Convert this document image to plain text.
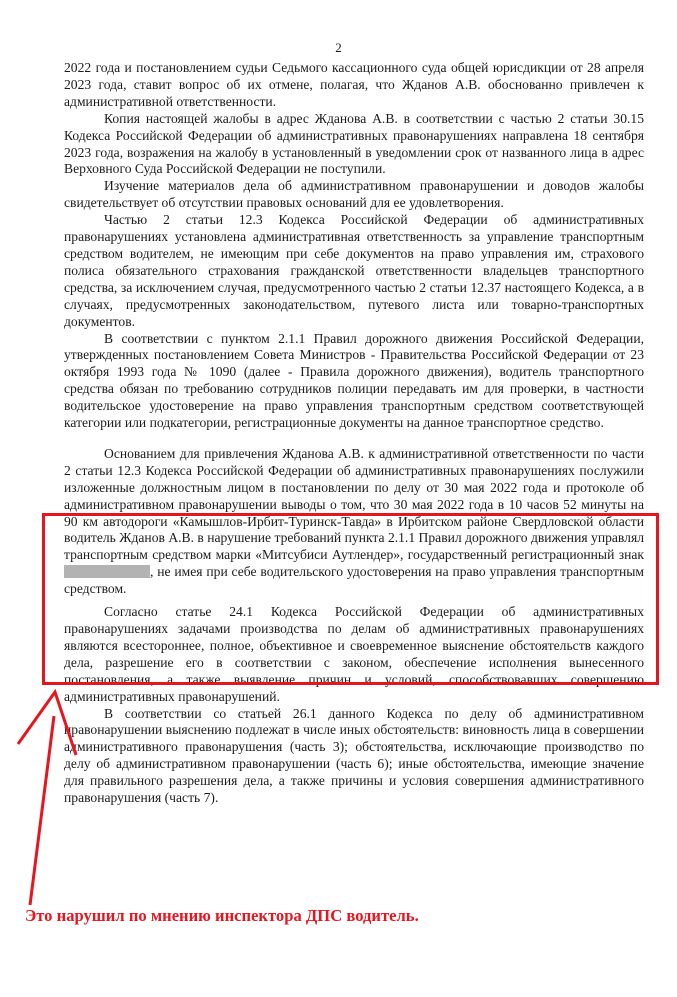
2

2022 года и постановлением судьи Седьмого кассационного суда общей юрисдикции от 28 апреля 2023 года, ставит вопрос об их отмене, полагая, что Жданов А.В. обоснованно привлечен к административной ответственности.

Копия настоящей жалобы в адрес Жданова А.В. в соответствии с частью 2 статьи 30.15 Кодекса Российской Федерации об административных правонарушениях направлена 18 сентября 2023 года, возражения на жалобу в установленный в уведомлении срок от названного лица в адрес Верховного Суда Российской Федерации не поступили.

Изучение материалов дела об административном правонарушении и доводов жалобы свидетельствует об отсутствии правовых оснований для ее удовлетворения.

Частью 2 статьи 12.3 Кодекса Российской Федерации об административных правонарушениях установлена административная ответственность за управление транспортным средством водителем, не имеющим при себе документов на право управления им, страхового полиса обязательного страхования гражданской ответственности владельцев транспортного средства, за исключением случая, предусмотренного частью 2 статьи 12.37 настоящего Кодекса, а в случаях, предусмотренных законодательством, путевого листа или товарно-транспортных документов.

В соответствии с пунктом 2.1.1 Правил дорожного движения Российской Федерации, утвержденных постановлением Совета Министров - Правительства Российской Федерации от 23 октября 1993 года № 1090 (далее - Правила дорожного движения), водитель транспортного средства обязан по требованию сотрудников полиции передавать им для проверки, в частности водительское удостоверение на право управления транспортным средством соответствующей категории или подкатегории, регистрационные документы на данное транспортное средство.

Основанием для привлечения Жданова А.В. к административной ответственности по части 2 статьи 12.3 Кодекса Российской Федерации об административных правонарушениях послужили изложенные должностным лицом в постановлении по делу от 30 мая 2022 года и протоколе об административном правонарушении выводы о том, что 30 мая 2022 года в 10 часов 52 минуты на 90 км автодороги «Камышлов-Ирбит-Туринск-Тавда» в Ирбитском районе Свердловской области водитель Жданов А.В. в нарушение требований пункта 2.1.1 Правил дорожного движения управлял транспортным средством марки «Митсубиси Аутлендер», государственный регистрационный знак , не имея при себе водительского удостоверения на право управления транспортным средством.

Согласно статье 24.1 Кодекса Российской Федерации об административных правонарушениях задачами производства по делам об административных правонарушениях являются всестороннее, полное, объективное и своевременное выяснение обстоятельств каждого дела, разрешение его в соответствии с законом, обеспечение исполнения вынесенного постановления, а также выявление причин и условий, способствовавших совершению административных правонарушений.

В соответствии со статьей 26.1 данного Кодекса по делу об административном правонарушении выяснению подлежат в числе иных обстоятельств: виновность лица в совершении административного правонарушения (часть 3); обстоятельства, исключающие производство по делу об административном правонарушении (часть 6); иные обстоятельства, имеющие значение для правильного разрешения дела, а также причины и условия совершения административного правонарушения (часть 7).

Это нарушил по мнению инспектора ДПС водитель.
